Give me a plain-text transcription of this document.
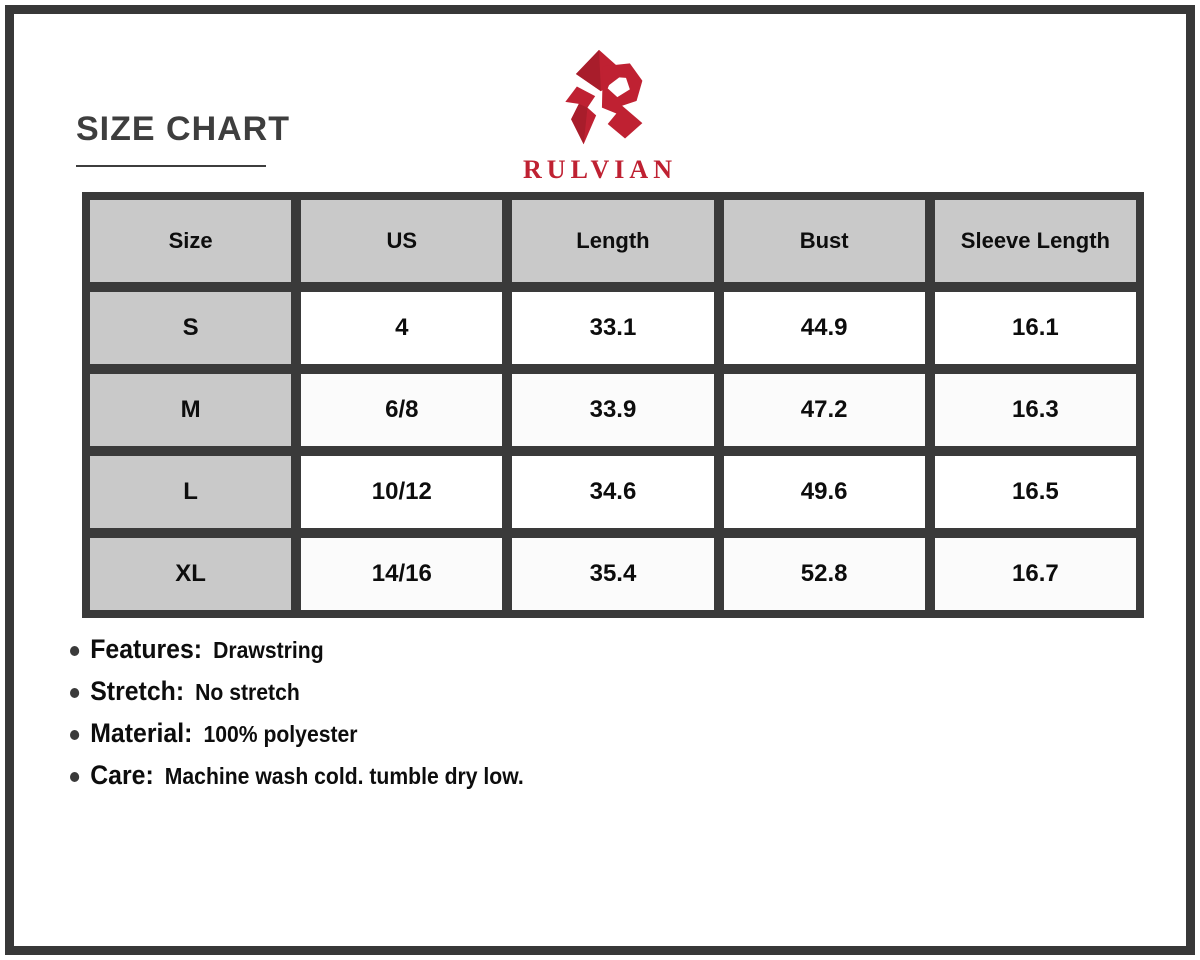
SIZE CHART
RULVIAN
Size	US	Length	Bust	Sleeve Length
S	4	33.1	44.9	16.1
M	6/8	33.9	47.2	16.3
L	10/12	34.6	49.6	16.5
XL	14/16	35.4	52.8	16.7
Features: Drawstring
Stretch: No stretch
Material: 100% polyester
Care: Machine wash cold. tumble dry low.
